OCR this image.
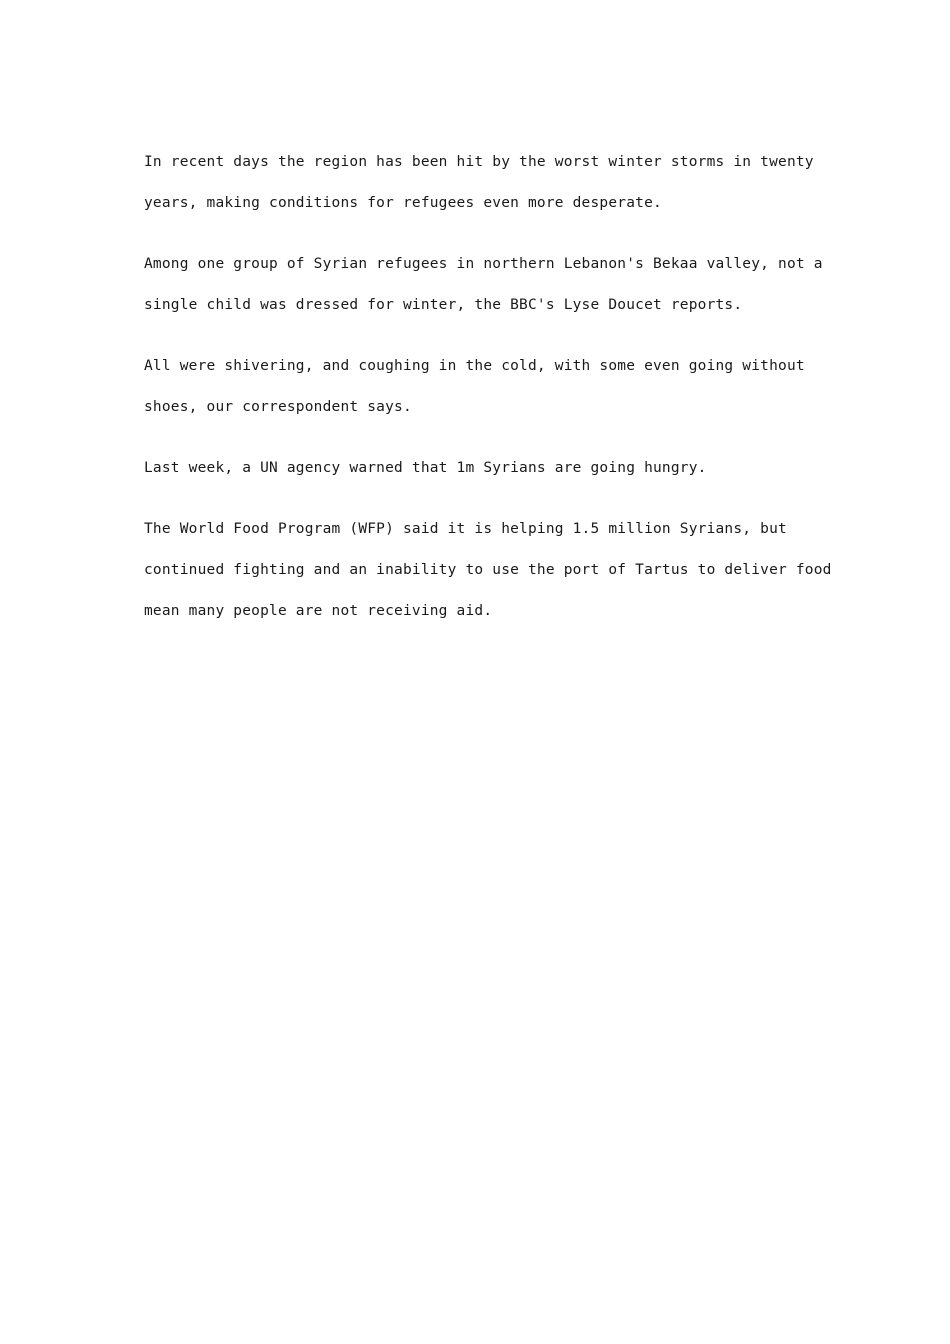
In recent days the region has been hit by the worst winter storms in twenty
years, making conditions for refugees even more desperate.
Among one group of Syrian refugees in northern Lebanon's Bekaa valley, not a
single child was dressed for winter, the BBC's Lyse Doucet reports.
All were shivering, and coughing in the cold, with some even going without
shoes, our correspondent says.
Last week, a UN agency warned that 1m Syrians are going hungry.
The World Food Program (WFP) said it is helping 1.5 million Syrians, but
continued fighting and an inability to use the port of Tartus to deliver food
mean many people are not receiving aid.
